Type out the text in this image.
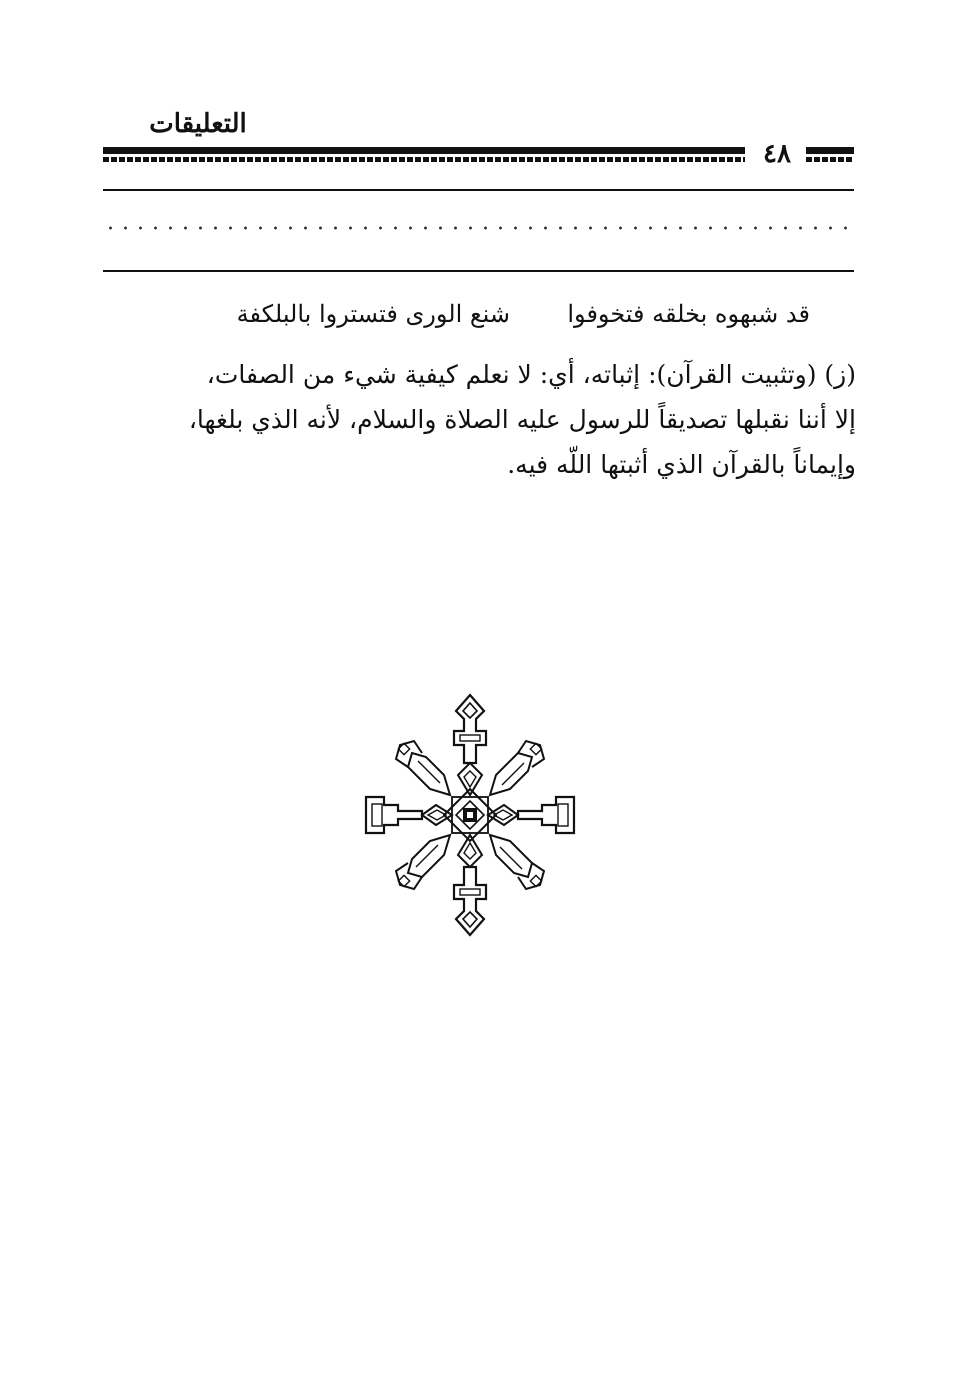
التعليقات
٤٨
قد شبهوه بخلقه فتخوفوا
شنع الورى فتستروا بالبلكفة
(ز) (وتثبيت القرآن): إثباته، أي: لا نعلم كيفية شيء من الصفات،
إلا أننا نقبلها تصديقاً للرسول عليه الصلاة والسلام، لأنه الذي بلغها،
وإيماناً بالقرآن الذي أثبتها اللّه فيه.
